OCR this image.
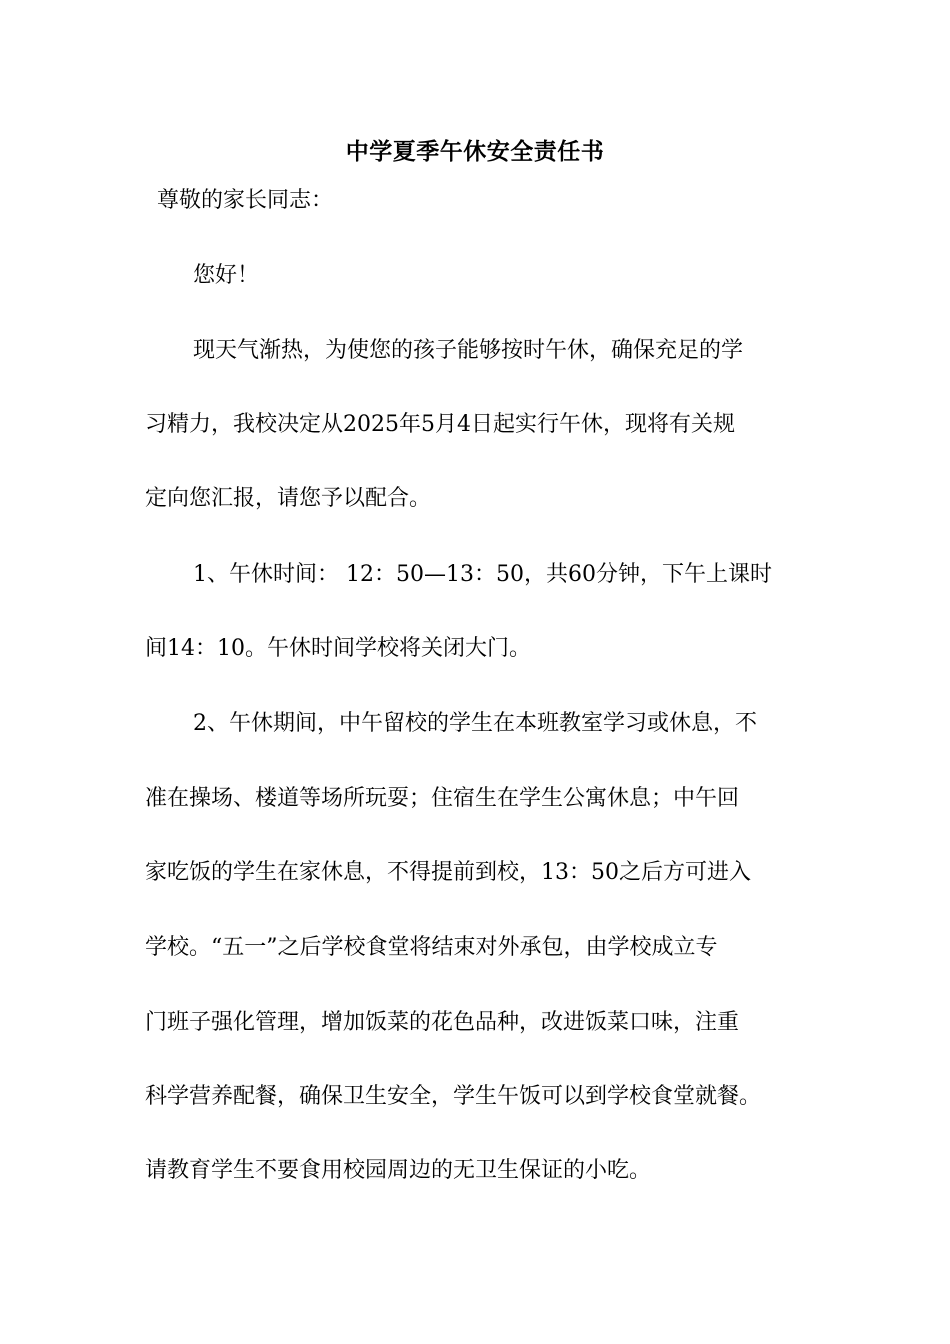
中学夏季午休安全责任书

尊敬的家长同志：

您好！

现天气渐热，为使您的孩子能够按时午休，确保充足的学

习精力，我校决定从2025年5月4日起实行午休，现将有关规

定向您汇报，请您予以配合。

1、午休时间： 12：50—13：50，共60分钟，下午上课时

间14：10。午休时间学校将关闭大门。

2、午休期间，中午留校的学生在本班教室学习或休息，不

准在操场、楼道等场所玩耍；住宿生在学生公寓休息；中午回

家吃饭的学生在家休息，不得提前到校，13：50之后方可进入

学校。“五一”之后学校食堂将结束对外承包，由学校成立专

门班子强化管理，增加饭菜的花色品种，改进饭菜口味，注重

科学营养配餐，确保卫生安全，学生午饭可以到学校食堂就餐。

请教育学生不要食用校园周边的无卫生保证的小吃。
